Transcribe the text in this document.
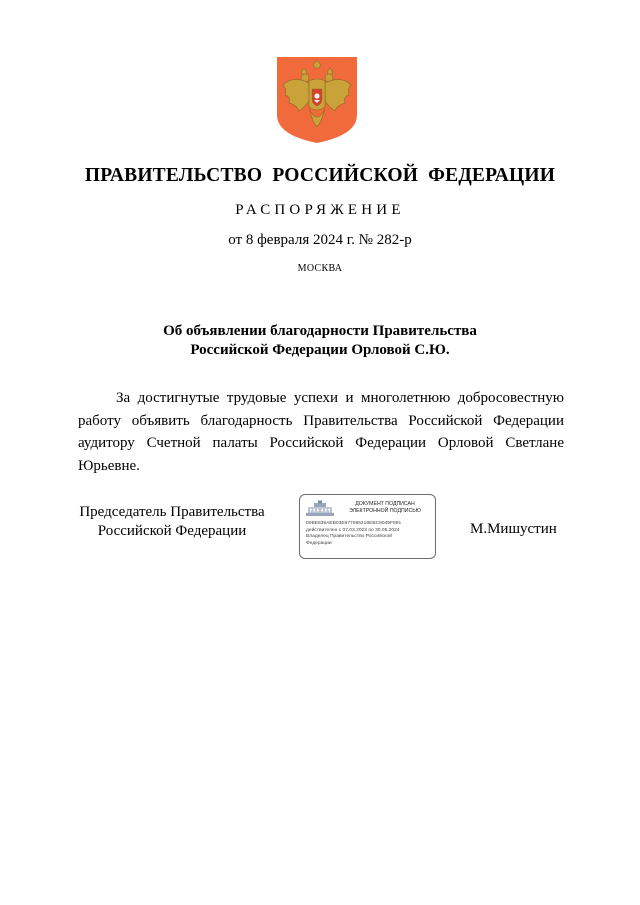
ПРАВИТЕЛЬСТВО РОССИЙСКОЙ ФЕДЕРАЦИИ
РАСПОРЯЖЕНИЕ
от 8 февраля 2024 г. № 282-р
МОСКВА
Об объявлении благодарности Правительства
Российской Федерации Орловой С.Ю.

За достигнутые трудовые успехи и многолетнюю добросовестную работу объявить благодарность Правительства Российской Федерации аудитору Счетной палаты Российской Федерации Орловой Светлане Юрьевне.

Председатель Правительства
Российской Федерации
ДОКУМЕНТ ПОДПИСАН
ЭЛЕКТРОННОЙ ПОДПИСЬЮ
00BE639AEB03E677085218EBC8049F891
действителен с 07.03.2023 по 30.05.2024
Владелец Правительство Российской
Федерации
М.Мишустин
